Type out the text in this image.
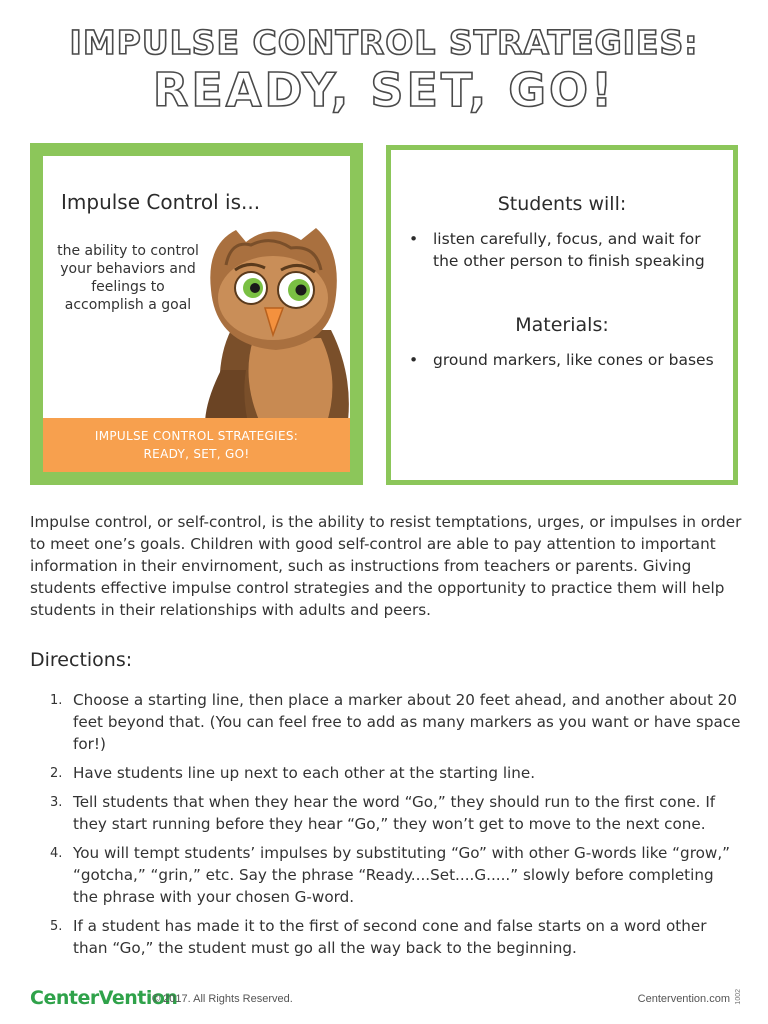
IMPULSE CONTROL STRATEGIES:
READY, SET, GO!
Impulse Control is...
the ability to control your behaviors and feelings to accomplish a goal
IMPULSE CONTROL STRATEGIES:
READY, SET, GO!
Students will:
• listen carefully, focus, and wait for the other person to finish speaking
Materials:
• ground markers, like cones or bases
Impulse control, or self-control, is the ability to resist temptations, urges, or impulses in order to meet one’s goals. Children with good self-control are able to pay attention to important information in their envirnoment, such as instructions from teachers or parents. Giving students effective impulse control strategies and the opportunity to practice them will help students in their relationships with adults and peers.
Directions:
1. Choose a starting line, then place a marker about 20 feet ahead, and another about 20 feet beyond that. (You can feel free to add as many markers as you want or have space for!)
2. Have students line up next to each other at the starting line.
3. Tell students that when they hear the word “Go,” they should run to the first cone. If they start running before they hear “Go,” they won’t get to move to the next cone.
4. You will tempt students’ impulses by substituting “Go” with other G-words like “grow,” “gotcha,” “grin,” etc. Say the phrase “Ready....Set....G.....” slowly before completing the phrase with your chosen G-word.
5. If a student has made it to the first of second cone and false starts on a word other than “Go,” the student must go all the way back to the beginning.
CenterVention
© 2017. All Rights Reserved.	Centervention.com 1002
